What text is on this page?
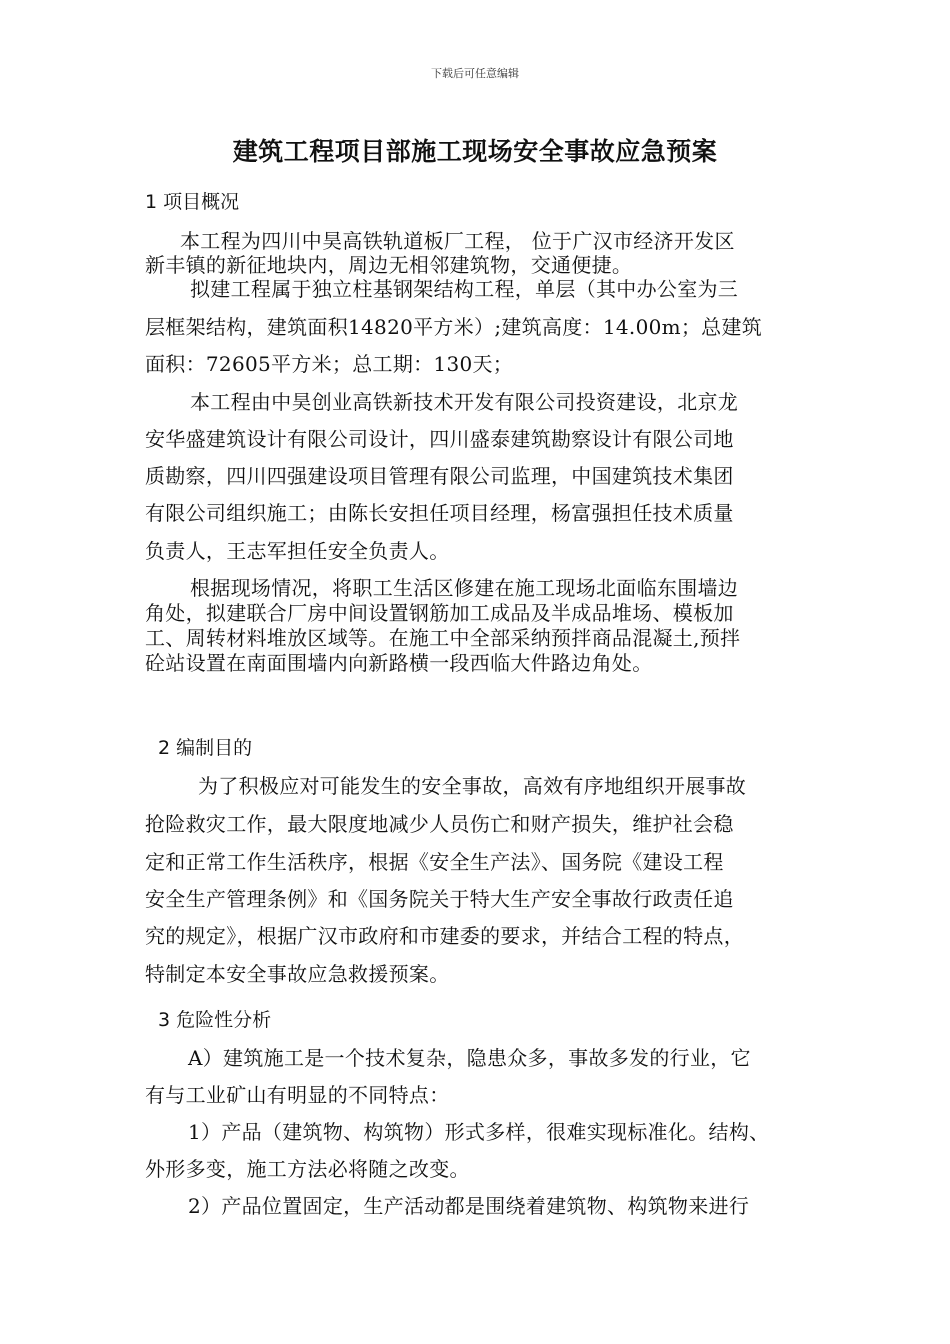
下载后可任意编辑
建筑工程项目部施工现场安全事故应急预案
1 项目概况
本工程为四川中昊高铁轨道板厂工程， 位于广汉市经济开发区
新丰镇的新征地块内，周边无相邻建筑物，交通便捷。
拟建工程属于独立柱基钢架结构工程，单层（其中办公室为三
层框架结构，建筑面积14820平方米）;建筑高度：14.00m；总建筑
面积：72605平方米；总工期：130天；
本工程由中昊创业高铁新技术开发有限公司投资建设，北京龙
安华盛建筑设计有限公司设计，四川盛泰建筑勘察设计有限公司地
质勘察，四川四强建设项目管理有限公司监理，中国建筑技术集团
有限公司组织施工；由陈长安担任项目经理，杨富强担任技术质量
负责人，王志军担任安全负责人。
根据现场情况，将职工生活区修建在施工现场北面临东围墙边
角处，拟建联合厂房中间设置钢筋加工成品及半成品堆场、模板加
工、周转材料堆放区域等。在施工中全部采纳预拌商品混凝土,预拌
砼站设置在南面围墙内向新路横一段西临大件路边角处。
2 编制目的
为了积极应对可能发生的安全事故，高效有序地组织开展事故
抢险救灾工作，最大限度地减少人员伤亡和财产损失，维护社会稳
定和正常工作生活秩序，根据《安全生产法》、国务院《建设工程
安全生产管理条例》和《国务院关于特大生产安全事故行政责任追
究的规定》，根据广汉市政府和市建委的要求，并结合工程的特点，
特制定本安全事故应急救援预案。
3 危险性分析
A）建筑施工是一个技术复杂，隐患众多，事故多发的行业，它
有与工业矿山有明显的不同特点：
1）产品（建筑物、构筑物）形式多样，很难实现标准化。结构、
外形多变，施工方法必将随之改变。
2）产品位置固定，生产活动都是围绕着建筑物、构筑物来进行
